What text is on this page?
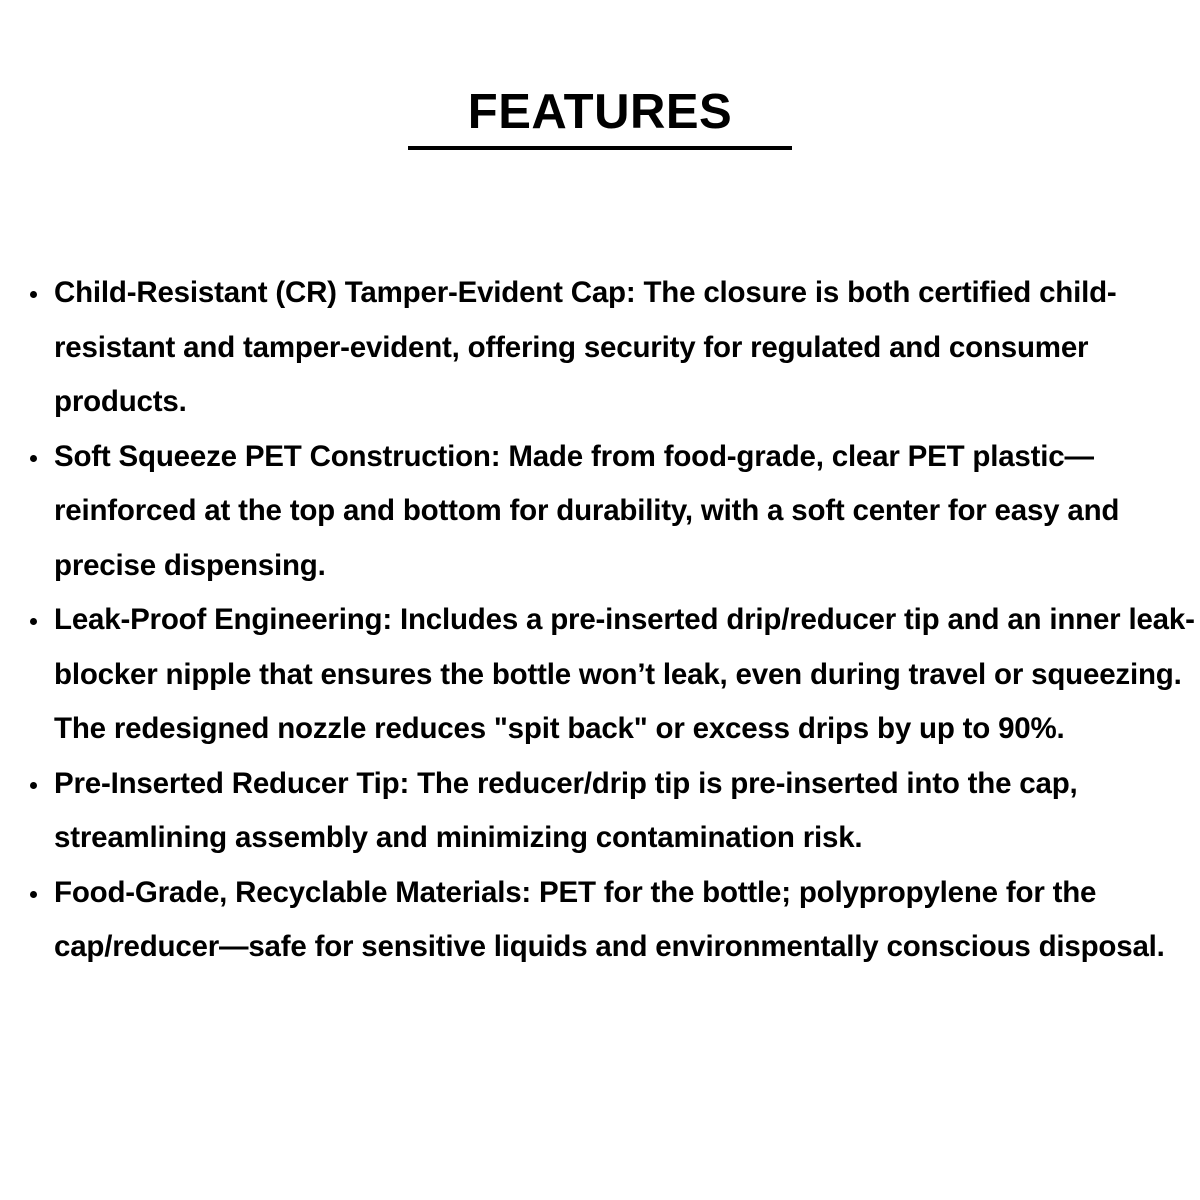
FEATURES
Child-Resistant (CR) Tamper-Evident Cap: The closure is both certified child-resistant and tamper-evident, offering security for regulated and consumer products.
Soft Squeeze PET Construction: Made from food-grade, clear PET plastic—reinforced at the top and bottom for durability, with a soft center for easy and precise dispensing.
Leak-Proof Engineering: Includes a pre-inserted drip/reducer tip and an inner leak-blocker nipple that ensures the bottle won’t leak, even during travel or squeezing. The redesigned nozzle reduces "spit back" or excess drips by up to 90%.
Pre-Inserted Reducer Tip: The reducer/drip tip is pre-inserted into the cap, streamlining assembly and minimizing contamination risk.
Food-Grade, Recyclable Materials: PET for the bottle; polypropylene for the cap/reducer—safe for sensitive liquids and environmentally conscious disposal.
